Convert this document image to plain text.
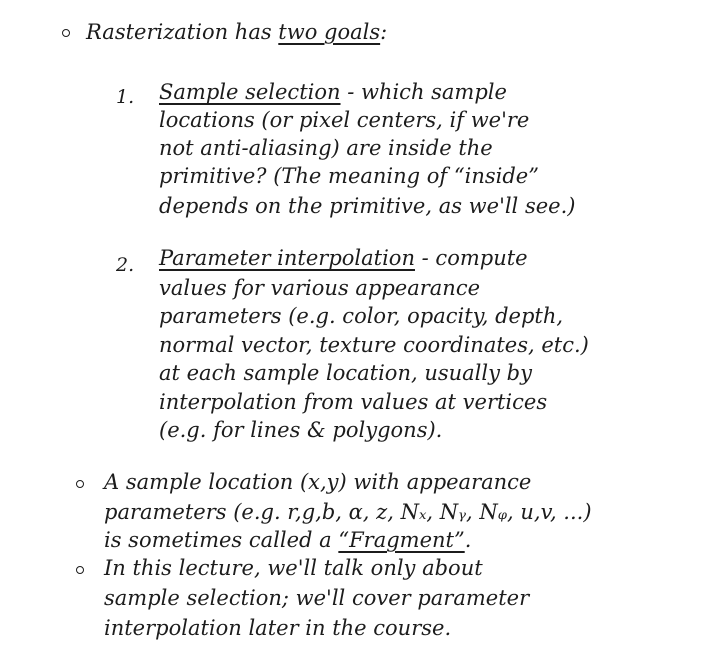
Rasterization has two goals:
1. Sample selection - which sample
locations (or pixel centers, if we're
not anti-aliasing) are inside the
primitive? (The meaning of “inside”
depends on the primitive, as we'll see.)
2. Parameter interpolation - compute
values for various appearance
parameters (e.g. color, opacity, depth,
normal vector, texture coordinates, etc.)
at each sample location, usually by
interpolation from values at vertices
(e.g. for lines & polygons).
A sample location (x,y) with appearance
parameters (e.g. r,g,b, α, z, Nₓ, Nᵧ, Nᵩ, u,v, ...)
is sometimes called a “Fragment”.
In this lecture, we'll talk only about
sample selection; we'll cover parameter
interpolation later in the course.
